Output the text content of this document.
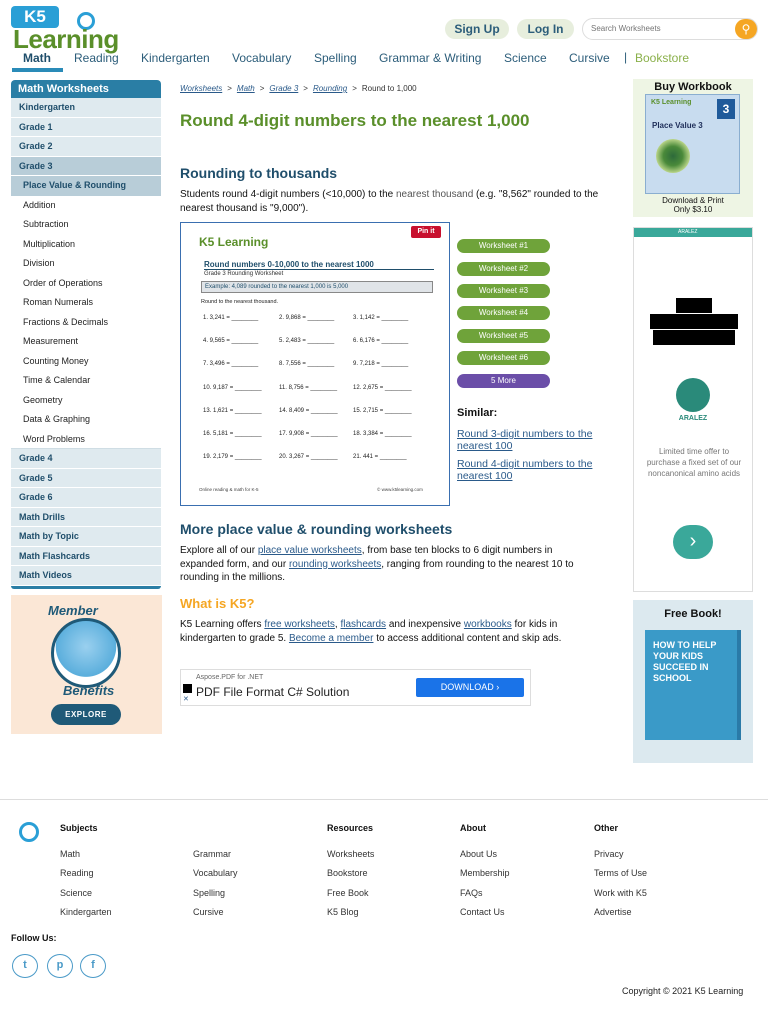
K5
Learning	Sign Up	Log In
Search Worksheets	⚲
Math Reading Kindergarten Vocabulary Spelling Grammar & Writing Science Cursive | Bookstore
Math Worksheets
Kindergarten
Grade 1
Grade 2
Grade 3
Place Value & Rounding
Addition
Subtraction
Multiplication
Division
Order of Operations
Roman Numerals
Fractions & Decimals
Measurement
Counting Money
Time & Calendar
Geometry
Data & Graphing
Word Problems
Grade 4
Grade 5
Grade 6
Math Drills
Math by Topic
Math Flashcards
Math Videos
Member
Benefits
EXPLORE
Worksheets > Math > Grade 3 > Rounding > Round to 1,000
Round 4-digit numbers to the nearest 1,000
Rounding to thousands
Students round 4-digit numbers (<10,000) to the nearest thousand (e.g. "8,562" rounded to the nearest thousand is "9,000").
Pin it
K5 Learning
Round numbers 0-10,000 to the nearest 1000
Grade 3 Rounding Worksheet
Example: 4,089 rounded to the nearest 1,000 is 5,000
Round to the nearest thousand.
1. 3,241 = ________	2. 9,868 = ________	3. 1,142 = ________
4. 9,565 = ________	5. 2,483 = ________	6. 6,176 = ________
7. 3,496 = ________	8. 7,556 = ________	9. 7,218 = ________
10. 9,187 = ________	11. 8,756 = ________	12. 2,675 = ________
13. 1,621 = ________	14. 8,409 = ________	15. 2,715 = ________
16. 5,181 = ________	17. 9,908 = ________	18. 3,384 = ________
19. 2,179 = ________	20. 3,267 = ________	21. 441 = ________
Online reading & math for K-5	© www.k5learning.com
Worksheet #1
Worksheet #2
Worksheet #3
Worksheet #4
Worksheet #5
Worksheet #6
5 More
Similar:
Round 3-digit numbers to the nearest 100
Round 4-digit numbers to the nearest 100
More place value & rounding worksheets
Explore all of our place value worksheets, from base ten blocks to 6 digit numbers in expanded form, and our rounding worksheets, ranging from rounding to the nearest 10 to rounding in the millions.
What is K5?
K5 Learning offers free worksheets, flashcards and inexpensive workbooks for kids in kindergarten to grade 5. Become a member to access additional content and skip ads.
✕
Aspose.PDF for .NET
PDF File Format C# Solution	DOWNLOAD ›
Buy Workbook
K5 Learning	3
Place Value 3
Download & Print
Only $3.10
ARALEZ
ARALEZ
Limited time offer to purchase a fixed set of our noncanonical amino acids
›
Free Book!
HOW TO HELP YOUR KIDS SUCCEED IN SCHOOL
Subjects
Math
Reading
Science
Kindergarten
Grammar
Vocabulary
Spelling
Cursive
Resources
Worksheets
Bookstore
Free Book
K5 Blog
About
About Us
Membership
FAQs
Contact Us
Other
Privacy
Terms of Use
Work with K5
Advertise
Follow Us:
t	p	f
Copyright © 2021 K5 Learning
